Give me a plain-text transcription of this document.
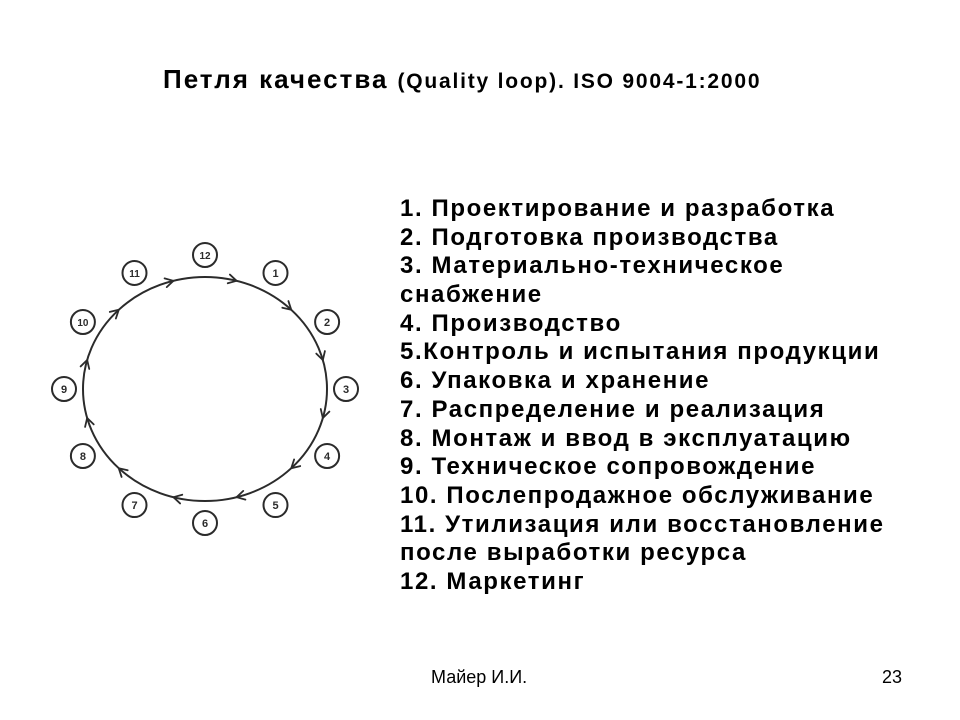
Петля качества (Quality loop). ISO 9004-1:2000
1
2
3
4
5
6
7
8
9
10
11
12
1. Проектирование и разработка
2. Подготовка производства
3. Материально-техническое
снабжение
4. Производство
5.Контроль и испытания продукции
6. Упаковка и хранение
7. Распределение и реализация
8. Монтаж и ввод в эксплуатацию
9. Техническое сопровождение
10. Послепродажное обслуживание
11. Утилизация или восстановление
после выработки ресурса
12. Маркетинг
Майер И.И.	23
